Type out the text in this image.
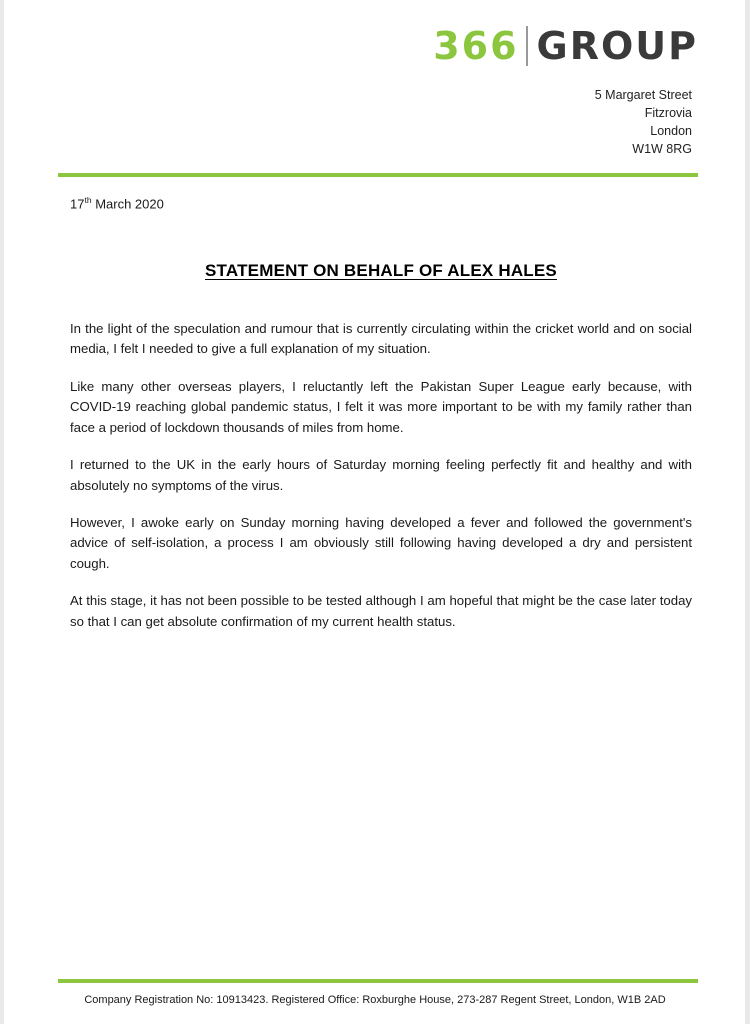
366 GROUP
5 Margaret Street
Fitzrovia
London
W1W 8RG
17th March 2020
STATEMENT ON BEHALF OF ALEX HALES

In the light of the speculation and rumour that is currently circulating within the cricket world and on social media, I felt I needed to give a full explanation of my situation.

Like many other overseas players, I reluctantly left the Pakistan Super League early because, with COVID-19 reaching global pandemic status, I felt it was more important to be with my family rather than face a period of lockdown thousands of miles from home.

I returned to the UK in the early hours of Saturday morning feeling perfectly fit and healthy and with absolutely no symptoms of the virus.

However, I awoke early on Sunday morning having developed a fever and followed the government's advice of self-isolation, a process I am obviously still following having developed a dry and persistent cough.

At this stage, it has not been possible to be tested although I am hopeful that might be the case later today so that I can get absolute confirmation of my current health status.

Company Registration No: 10913423. Registered Office: Roxburghe House, 273-287 Regent Street, London, W1B 2AD
